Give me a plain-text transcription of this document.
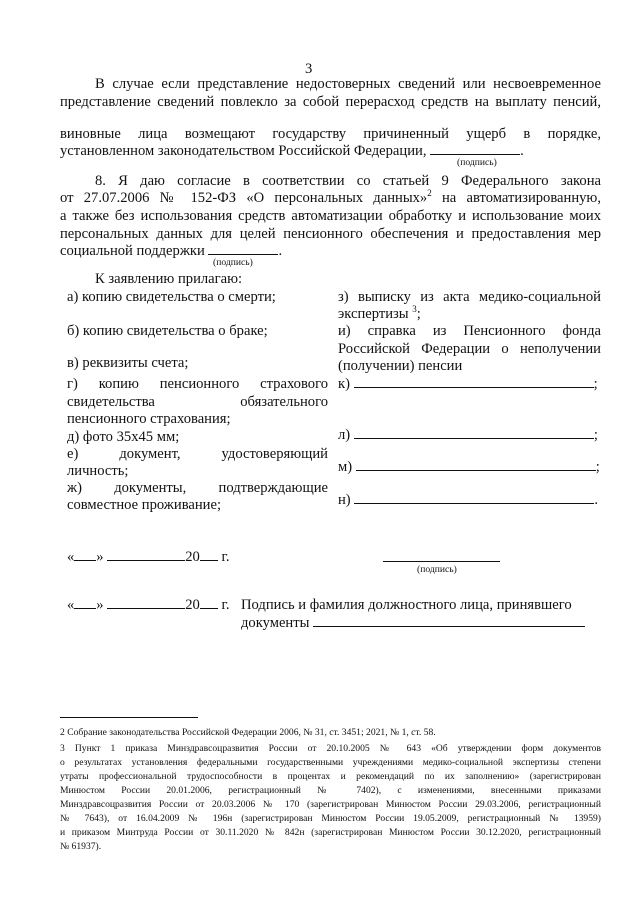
3
В случае если представление недостоверных сведений или несвоевременное
представление сведений повлекло за собой перерасход средств на выплату пенсий,
виновные лица возмещают государству причиненный ущерб в порядке,
установленном законодательством Российской Федерации,	.
(подпись)
8. Я даю согласие в соответствии со статьей 9 Федерального закона
от 27.07.2006 № 152-ФЗ «О персональных данных»$^2$ на автоматизированную,
а также без использования средств автоматизации обработку и использование моих
персональных данных для целей пенсионного обеспечения и предоставления мер
социальной поддержки	.
(подпись)
К заявлению прилагаю:
а) копию свидетельства о смерти;
б) копию свидетельства о браке;
в) реквизиты счета;
г) копию пенсионного страхового
свидетельства обязательного
пенсионного страхования;
д) фото 35х45 мм;
е) документ, удостоверяющий
личность;
ж) документы, подтверждающие
совместное проживание;
з) выписку из акта медико-социальной
экспертизы $^3$;
и) справка из Пенсионного фонда
Российской Федерации о неполучении
(получении) пенсии
к)	;
л)	;
м)	;
н)	.
« »	20 г.
(подпись)
« »	20 г. Подпись и фамилия должностного лица, принявшего
документы
2 Собрание законодательства Российской Федерации 2006, № 31, ст. 3451; 2021, № 1, ст. 58.
3 Пункт 1 приказа Минздравсоцразвития России от 20.10.2005 № 643 «Об утверждении форм документов
о результатах установления федеральными государственными учреждениями медико-социальной экспертизы степени
утраты профессиональной трудоспособности в процентах и рекомендаций по их заполнению» (зарегистрирован
Минюстом России 20.01.2006, регистрационный № 7402), с изменениями, внесенными приказами
Минздравсоцразвития России от 20.03.2006 № 170 (зарегистрирован Минюстом России 29.03.2006, регистрационный
№ 7643), от 16.04.2009 № 196н (зарегистрирован Минюстом России 19.05.2009, регистрационный № 13959)
и приказом Минтруда России от 30.11.2020 № 842н (зарегистрирован Минюстом России 30.12.2020, регистрационный
№ 61937).
